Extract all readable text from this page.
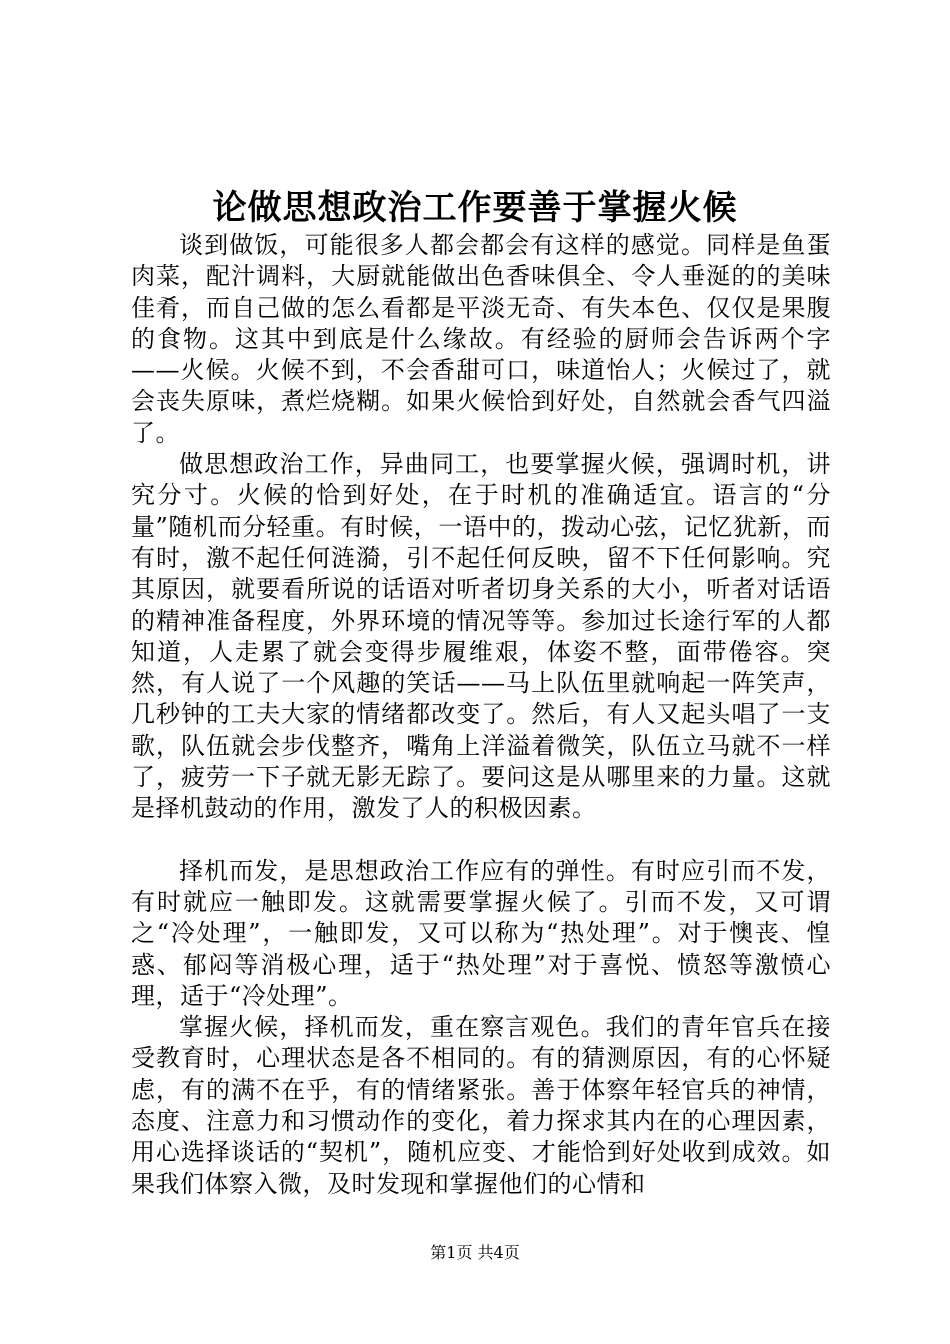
论做思想政治工作要善于掌握火候

谈到做饭，可能很多人都会都会有这样的感觉。同样是鱼蛋肉菜，配汁调料，大厨就能做出色香味俱全、令人垂涎的的美味佳肴，而自己做的怎么看都是平淡无奇、有失本色、仅仅是果腹的食物。这其中到底是什么缘故。有经验的厨师会告诉两个字——火候。火候不到，不会香甜可口，味道怡人；火候过了，就会丧失原味，煮烂烧糊。如果火候恰到好处，自然就会香气四溢了。

做思想政治工作，异曲同工，也要掌握火候，强调时机，讲究分寸。火候的恰到好处，在于时机的准确适宜。语言的“分量”随机而分轻重。有时候，一语中的，拨动心弦，记忆犹新，而有时，激不起任何涟漪，引不起任何反映，留不下任何影响。究其原因，就要看所说的话语对听者切身关系的大小，听者对话语的精神准备程度，外界环境的情况等等。参加过长途行军的人都知道，人走累了就会变得步履维艰，体姿不整，面带倦容。突然，有人说了一个风趣的笑话——马上队伍里就响起一阵笑声，几秒钟的工夫大家的情绪都改变了。然后，有人又起头唱了一支歌，队伍就会步伐整齐，嘴角上洋溢着微笑，队伍立马就不一样了，疲劳一下子就无影无踪了。要问这是从哪里来的力量。这就是择机鼓动的作用，激发了人的积极因素。

择机而发，是思想政治工作应有的弹性。有时应引而不发，有时就应一触即发。这就需要掌握火候了。引而不发，又可谓之“冷处理”，一触即发，又可以称为“热处理”。对于懊丧、惶惑、郁闷等消极心理，适于“热处理”对于喜悦、愤怒等激愤心理，适于“冷处理”。

掌握火候，择机而发，重在察言观色。我们的青年官兵在接受教育时，心理状态是各不相同的。有的猜测原因，有的心怀疑虑，有的满不在乎，有的情绪紧张。善于体察年轻官兵的神情，态度、注意力和习惯动作的变化，着力探求其内在的心理因素，用心选择谈话的“契机”，随机应变、才能恰到好处收到成效。如果我们体察入微，及时发现和掌握他们的心情和

第1页 共4页
